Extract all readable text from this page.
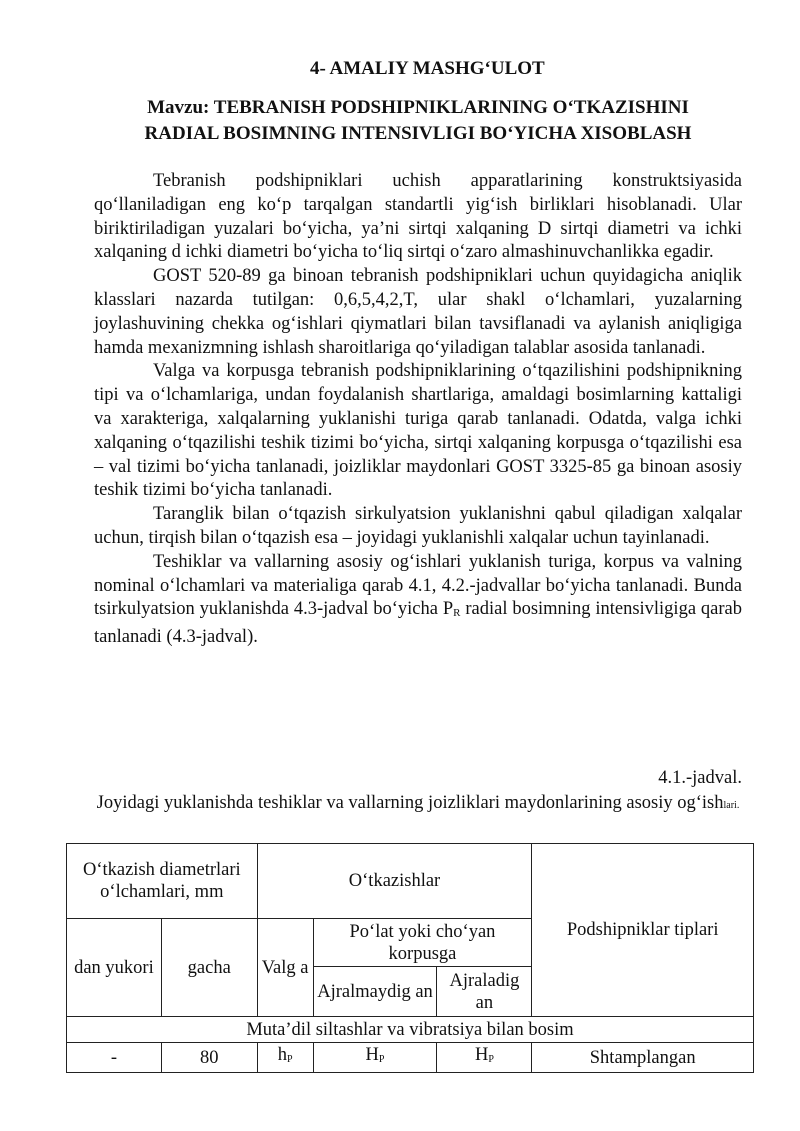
4- AMALIY MASHG‘ULOT
Mavzu: TEBRANISH PODSHIPNIKLARINING O‘TKAZISHINI
RADIAL BOSIMNING INTENSIVLIGI BO‘YICHA XISOBLASH

Tebranish podshipniklari uchish apparatlarining konstruktsiyasida qo‘llaniladigan eng ko‘p tarqalgan standartli yig‘ish birliklari hisoblanadi. Ular biriktiriladigan yuzalari bo‘yicha, ya’ni sirtqi xalqaning D sirtqi diametri va ichki xalqaning d ichki diametri bo‘yicha to‘liq sirtqi o‘zaro almashinuvchanlikka egadir.

GOST 520-89 ga binoan tebranish podshipniklari uchun quyidagicha aniqlik klasslari nazarda tutilgan: 0,6,5,4,2,T, ular shakl o‘lchamlari, yuzalarning joylashuvining chekka og‘ishlari qiymatlari bilan tavsiflanadi va aylanish aniqligiga hamda mexanizmning ishlash sharoitlariga qo‘yiladigan talablar asosida tanlanadi.

Valga va korpusga tebranish podshipniklarining o‘tqazilishini podshipnikning tipi va o‘lchamlariga, undan foydalanish shartlariga, amaldagi bosimlarning kattaligi va xarakteriga, xalqalarning yuklanishi turiga qarab tanlanadi. Odatda, valga ichki xalqaning o‘tqazilishi teshik tizimi bo‘yicha, sirtqi xalqaning korpusga o‘tqazilishi esa – val tizimi bo‘yicha tanlanadi, joizliklar maydonlari GOST 3325-85 ga binoan asosiy teshik tizimi bo‘yicha tanlanadi.

Taranglik bilan o‘tqazish sirkulyatsion yuklanishni qabul qiladigan xalqalar uchun, tirqish bilan o‘tqazish esa – joyidagi yuklanishli xalqalar uchun tayinlanadi.

Teshiklar va vallarning asosiy og‘ishlari yuklanish turiga, korpus va valning nominal o‘lchamlari va materialiga qarab 4.1, 4.2.-jadvallar bo‘yicha tanlanadi. Bunda tsirkulyatsion yuklanishda 4.3-jadval bo‘yicha PR radial bosimning intensivligiga qarab tanlanadi (4.3-jadval).

4.1.-jadval.
Joyidagi yuklanishda teshiklar va vallarning joizliklari maydonlarining asosiy og‘ishlari.
O‘tkazish diametrlari o‘lchamlari, mm		O‘tkazishlar			Podshipniklar tiplari
dan yukori	gacha	Valg a	Po‘lat yoki cho‘yan korpusga		
			Ajralmaydig an	Ajraladig an	
Muta’dil siltashlar va vibratsiya bilan bosim					
-	80	hP	HP	HP	Shtamplangan
